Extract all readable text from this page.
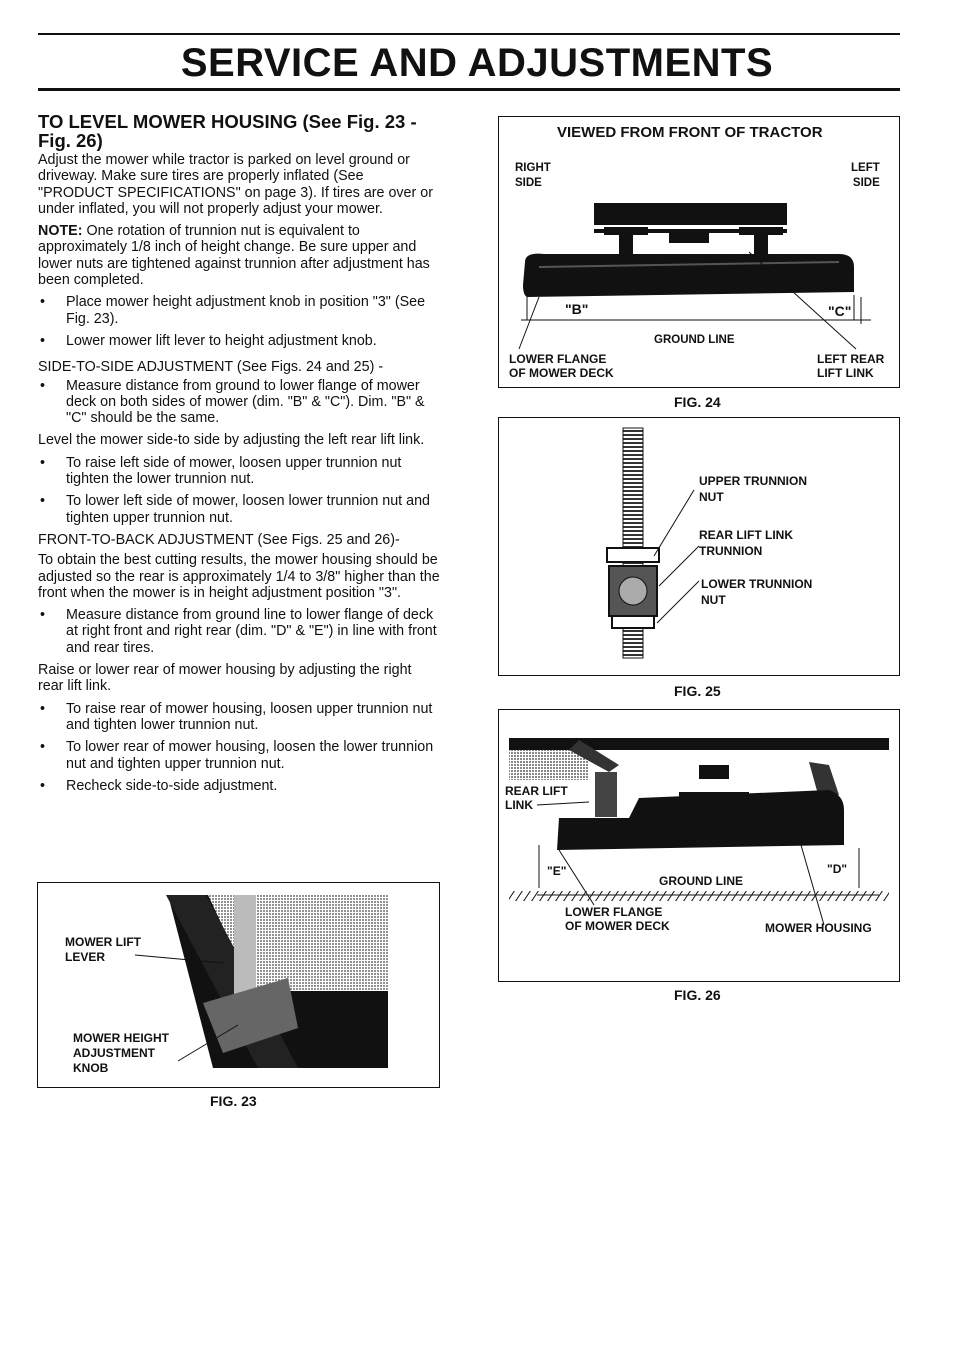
SERVICE AND ADJUSTMENTS
TO LEVEL MOWER HOUSING (See Fig. 23 - Fig. 26)

Adjust the mower while tractor is parked on level ground or driveway. Make sure tires are properly inflated (See "PRODUCT SPECIFICATIONS" on page 3). If tires are over or under inflated, you will not properly adjust your mower.

NOTE: One rotation of trunnion nut is equivalent to approximately 1/8 inch of height change. Be sure upper and lower nuts are tightened against trunnion after adjustment has been completed.

• Place mower height adjustment knob in position "3" (See Fig. 23).
• Lower mower lift lever to height adjustment knob.

SIDE-TO-SIDE ADJUSTMENT (See Figs. 24 and 25) -

• Measure distance from ground to lower flange of mower deck on both sides of mower (dim. "B" & "C"). Dim. "B" & "C" should be the same.

Level the mower side-to side by adjusting the left rear lift link.

• To raise left side of mower, loosen upper trunnion nut tighten the lower trunnion nut.
• To lower left side of mower, loosen lower trunnion nut and tighten upper trunnion nut.

FRONT-TO-BACK ADJUSTMENT (See Figs. 25 and 26)-

To obtain the best cutting results, the mower housing should be adjusted so the rear is approximately 1/4 to 3/8" higher than the front when the mower is in height adjustment position "3".

• Measure distance from ground line to lower flange of deck at right front and right rear (dim. "D" & "E") in line with front and rear tires.

Raise or lower rear of mower housing by adjusting the right rear lift link.

• To raise rear of mower housing, loosen upper trunnion nut and tighten lower trunnion nut.
• To lower rear of mower housing, loosen the lower trunnion nut and tighten upper trunnion nut.
• Recheck side-to-side adjustment.
MOWER LIFT
LEVER
MOWER HEIGHT
ADJUSTMENT
KNOB
FIG. 23
VIEWED FROM FRONT OF TRACTOR
RIGHT
SIDE
LEFT
SIDE
"B"	"C"
GROUND LINE
LOWER FLANGE
OF MOWER DECK
LEFT REAR
LIFT LINK
FIG. 24
UPPER TRUNNION
NUT
REAR LIFT LINK
TRUNNION
LOWER TRUNNION
NUT
FIG. 25
REAR LIFT
LINK
"E"	"D"
GROUND LINE
LOWER FLANGE
OF MOWER DECK	MOWER HOUSING
FIG. 26
